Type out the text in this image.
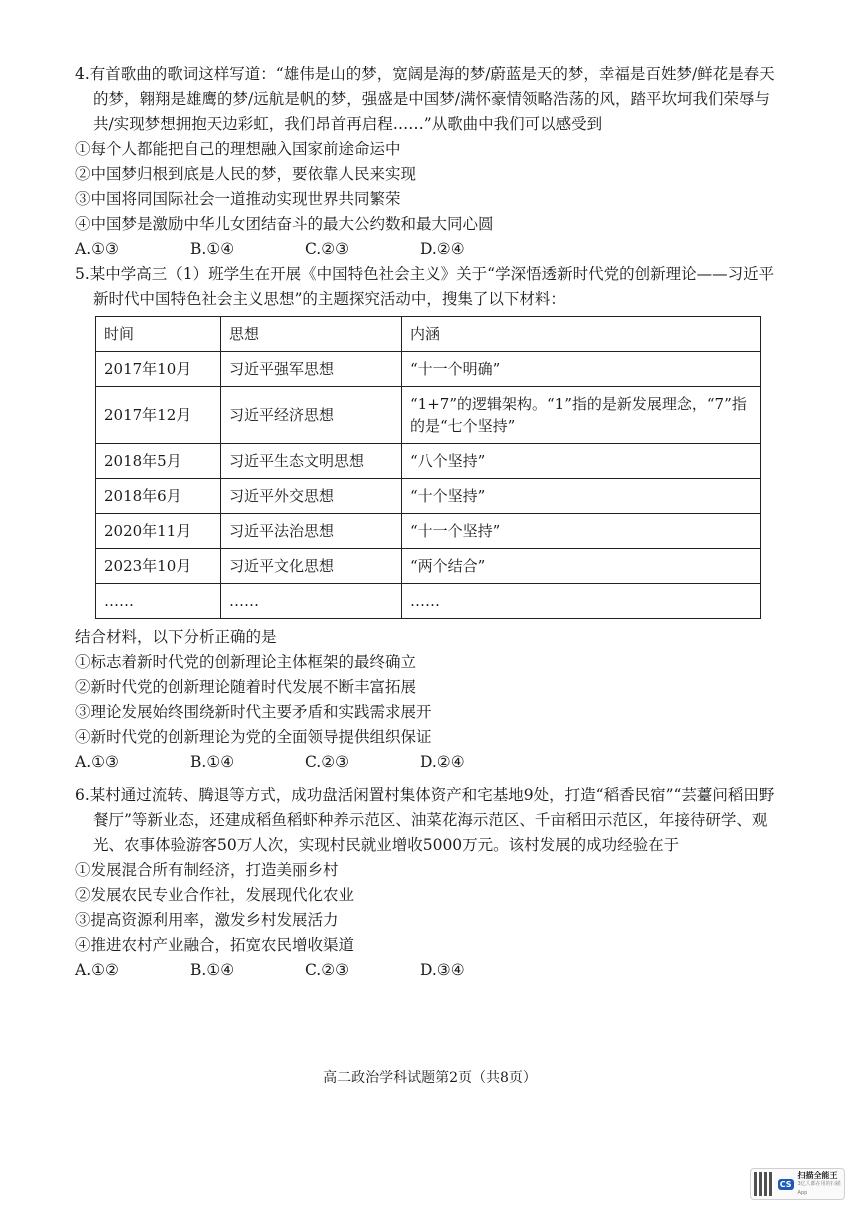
4.有首歌曲的歌词这样写道：“雄伟是山的梦，宽阔是海的梦/蔚蓝是天的梦，幸福是百姓梦/鲜花是春天的梦，翱翔是雄鹰的梦/远航是帆的梦，强盛是中国梦/满怀豪情领略浩荡的风，踏平坎坷我们荣辱与共/实现梦想拥抱天边彩虹，我们昂首再启程……”从歌曲中我们可以感受到
①每个人都能把自己的理想融入国家前途命运中
②中国梦归根到底是人民的梦，要依靠人民来实现
③中国将同国际社会一道推动实现世界共同繁荣
④中国梦是激励中华儿女团结奋斗的最大公约数和最大同心圆
A.①③	B.①④	C.②③	D.②④
5.某中学高三（1）班学生在开展《中国特色社会主义》关于“学深悟透新时代党的创新理论——习近平新时代中国特色社会主义思想”的主题探究活动中，搜集了以下材料：
时间	思想	内涵
2017年10月	习近平强军思想	“十一个明确”
2017年12月	习近平经济思想	“1+7”的逻辑架构。“1”指的是新发展理念，“7”指的是“七个坚持”
2018年5月	习近平生态文明思想	“八个坚持”
2018年6月	习近平外交思想	“十个坚持”
2020年11月	习近平法治思想	“十一个坚持”
2023年10月	习近平文化思想	“两个结合”
……	……	……
结合材料，以下分析正确的是
①标志着新时代党的创新理论主体框架的最终确立
②新时代党的创新理论随着时代发展不断丰富拓展
③理论发展始终围绕新时代主要矛盾和实践需求展开
④新时代党的创新理论为党的全面领导提供组织保证
A.①③	B.①④	C.②③	D.②④
6.某村通过流转、腾退等方式，成功盘活闲置村集体资产和宅基地9处，打造“稻香民宿”“芸薹问稻田野餐厅”等新业态，还建成稻鱼稻虾种养示范区、油菜花海示范区、千亩稻田示范区，年接待研学、观光、农事体验游客50万人次，实现村民就业增收5000万元。该村发展的成功经验在于
①发展混合所有制经济，打造美丽乡村
②发展农民专业合作社，发展现代化农业
③提高资源利用率，激发乡村发展活力
④推进农村产业融合，拓宽农民增收渠道
A.①②	B.①④	C.②③	D.③④
高二政治学科试题第2页（共8页）
CS
扫描全能王
3亿人都在用的扫描App
